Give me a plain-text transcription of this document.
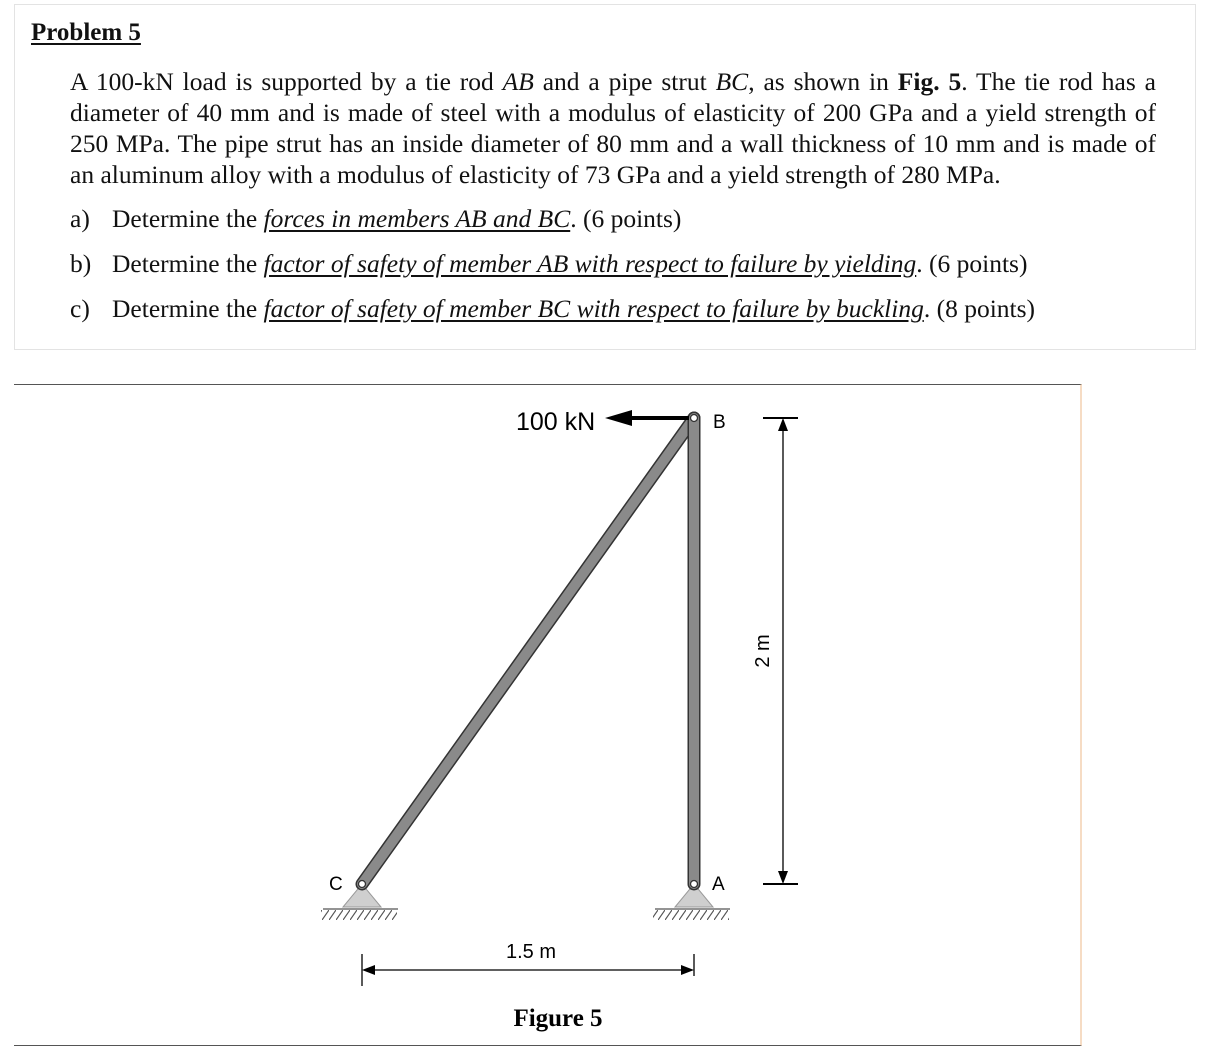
Problem 5

A 100-kN load is supported by a tie rod AB and a pipe strut BC, as shown in Fig. 5. The tie rod has a diameter of 40 mm and is made of steel with a modulus of elasticity of 200 GPa and a yield strength of 250 MPa. The pipe strut has an inside diameter of 80 mm and a wall thickness of 10 mm and is made of an aluminum alloy with a modulus of elasticity of 73 GPa and a yield strength of 280 MPa.

a) Determine the forces in members AB and BC. (6 points)
b) Determine the factor of safety of member AB with respect to failure by yielding. (6 points)
c) Determine the factor of safety of member BC with respect to failure by buckling. (8 points)
100 kN	B
A
C
2 m
1.5 m
Figure 5
